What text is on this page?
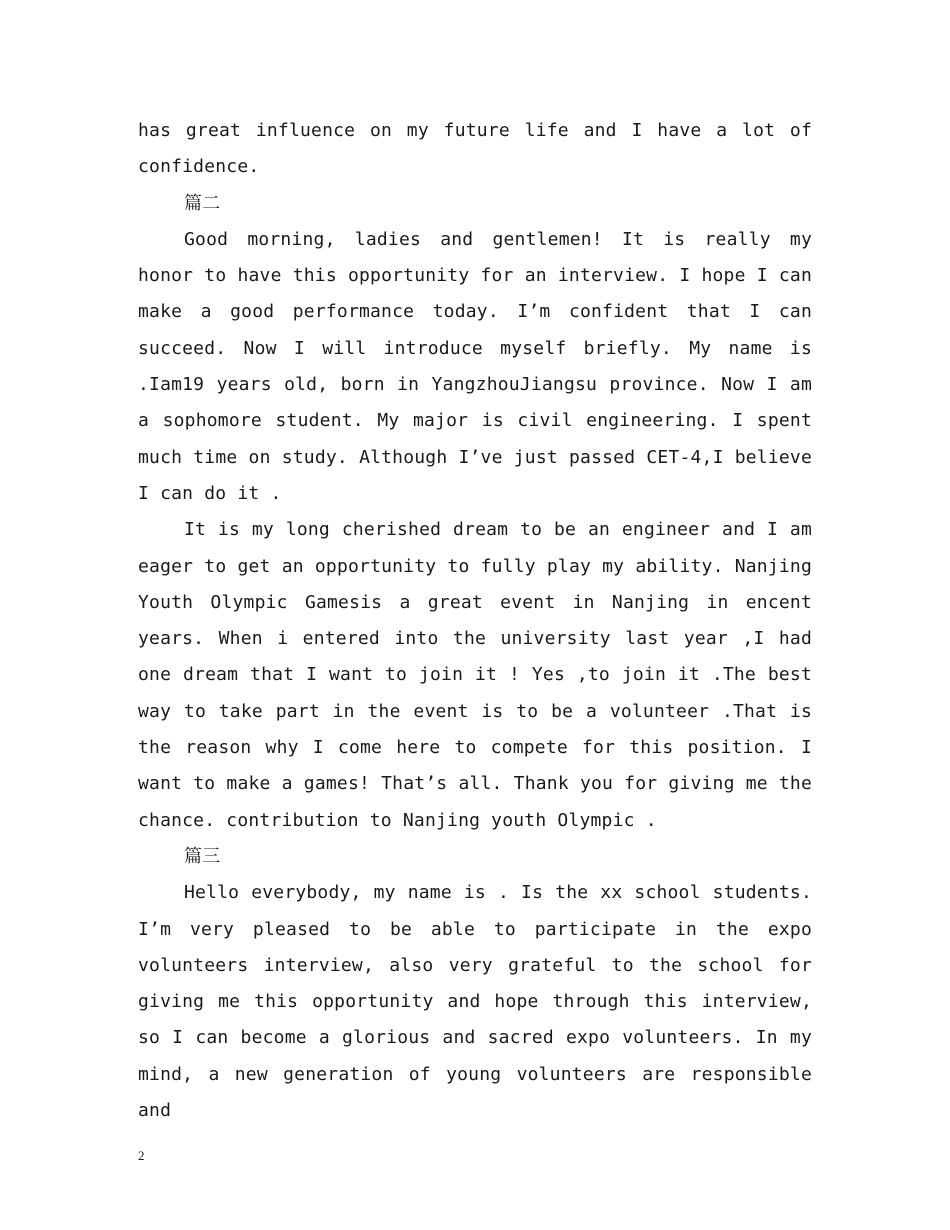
has great influence on my future life and I have a lot of confidence.

篇二

Good morning, ladies and gentlemen! It is really my honor to have this opportunity for an interview. I hope I can make a good performance today. I’m confident that I can succeed. Now I will introduce myself briefly. My name is .Iam19 years old, born in YangzhouJiangsu province. Now I am a sophomore student. My major is civil engineering. I spent much time on study. Although I’ve just passed CET-4,I believe I can do it .

It is my long cherished dream to be an engineer and I am eager to get an opportunity to fully play my ability. Nanjing Youth Olympic Gamesis a great event in Nanjing in encent years. When i entered into the university last year ,I had one dream that I want to join it ! Yes ,to join it .The best way to take part in the event is to be a volunteer .That is the reason why I come here to compete for this position. I want to make a games! That’s all. Thank you for giving me the chance. contribution to Nanjing youth Olympic .

篇三

Hello everybody, my name is . Is the xx school students. I’m very pleased to be able to participate in the expo volunteers interview, also very grateful to the school for giving me this opportunity and hope through this interview, so I can become a glorious and sacred expo volunteers. In my mind, a new generation of young volunteers are responsible and

2
